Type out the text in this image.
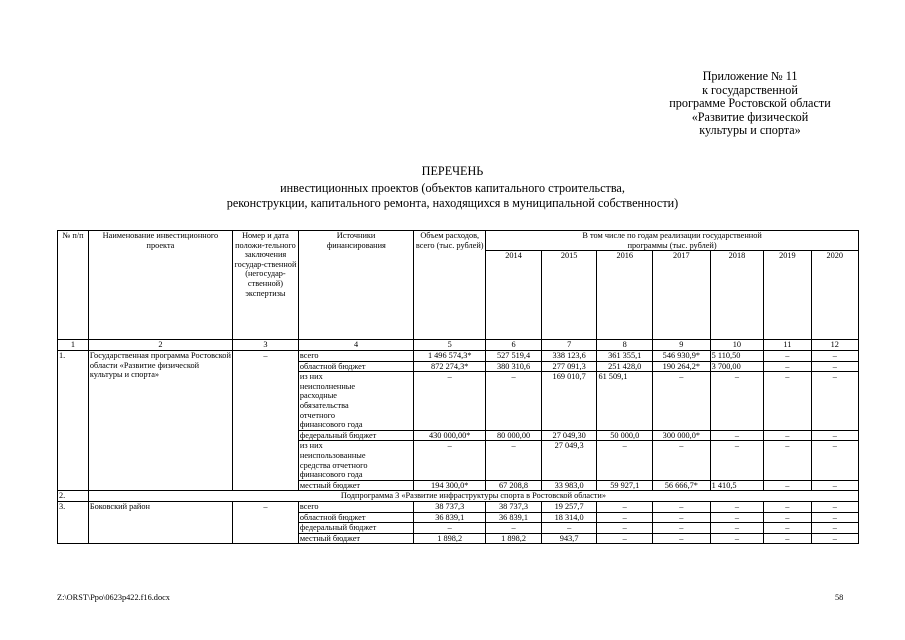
Приложение № 11
к государственной
программе Ростовской области
«Развитие физической
культуры и спорта»
ПЕРЕЧЕНЬ
инвестиционных проектов (объектов капитального строительства,
реконструкции, капитального ремонта, находящихся в муниципальной собственности)
№ п/п	Наименование инвестиционного проекта	Номер и дата положи-тельного заключения государ-ственной (негосудар-ственной) экспертизы	Источники финансирования	Объем расходов, всего (тыс. рублей)	В том числе по годам реализации государственной программы (тыс. рублей)						
					2014	2015	2016	2017	2018	2019	2020
1	2	3	4	5	6	7	8	9	10	11	12
1.	Государственная программа Ростовской области «Развитие физической культуры и спорта»	–	всего	1 496 574,3*	527 519,4	338 123,6	361 355,1	546 930,9*	5 110,50	–	–
			областной бюджет	872 274,3*	380 310,6	277 091,3	251 428,0	190 264,2*	3 700,00	–	–
			из них неисполненные расходные обязательства отчетного финансового года	–	–	169 010,7	61 509,1	–	–	–	–
			федеральный бюджет	430 000,00*	80 000,00	27 049,30	50 000,0	300 000,0*	–	–	–
			из них неиспользованные средства отчетного финансового года	–	–	27 049,3	–	–	–	–	–
			местный бюджет	194 300,0*	67 208,8	33 983,0	59 927,1	56 666,7*	1 410,5	–	–
2.	Подпрограмма 3 «Развитие инфраструктуры спорта в Ростовской области»										
3.	Боковский район	–	всего	38 737,3	38 737,3	19 257,7	–	–	–	–	–
			областной бюджет	36 839,1	36 839,1	18 314,0	–	–	–	–	–
			федеральный бюджет	–	–	–	–	–	–	–	–
			местный бюджет	1 898,2	1 898,2	943,7	–	–	–	–	–
Z:\ORST\Ppo\0623p422.f16.docx	58
